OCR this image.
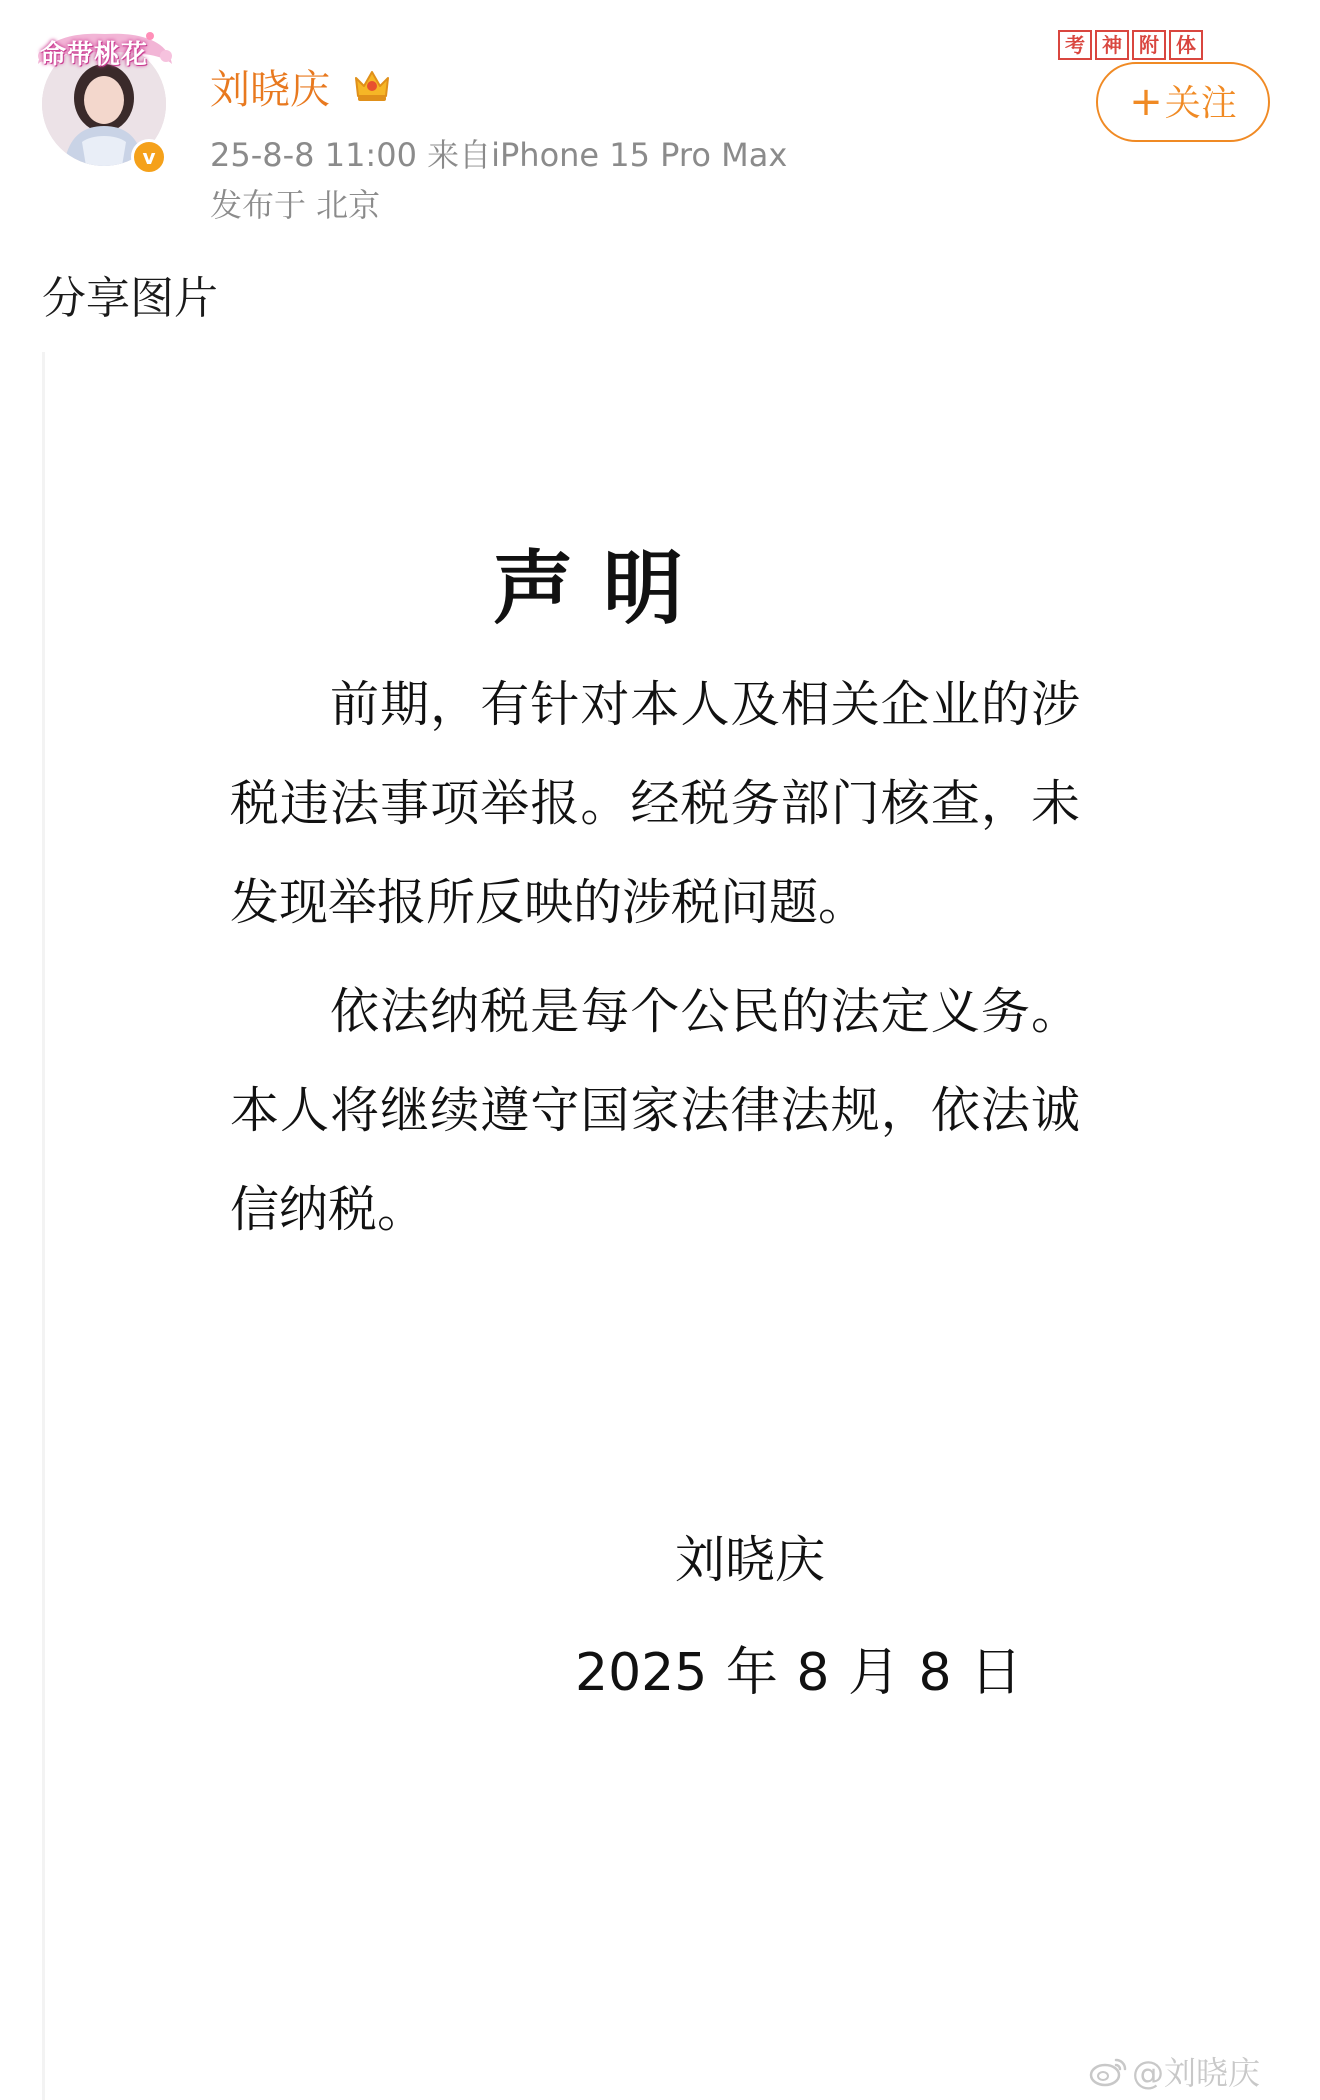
命带桃花
v
刘晓庆
25-8-8 11:00 来自iPhone 15 Pro Max
发布于 北京
考 神 附 体
+关注
分享图片
声明

前期，有针对本人及相关企业的涉税违法事项举报。经税务部门核查，未发现举报所反映的涉税问题。

依法纳税是每个公民的法定义务。本人将继续遵守国家法律法规，依法诚信纳税。

刘晓庆
2025 年 8 月 8 日
@刘晓庆
